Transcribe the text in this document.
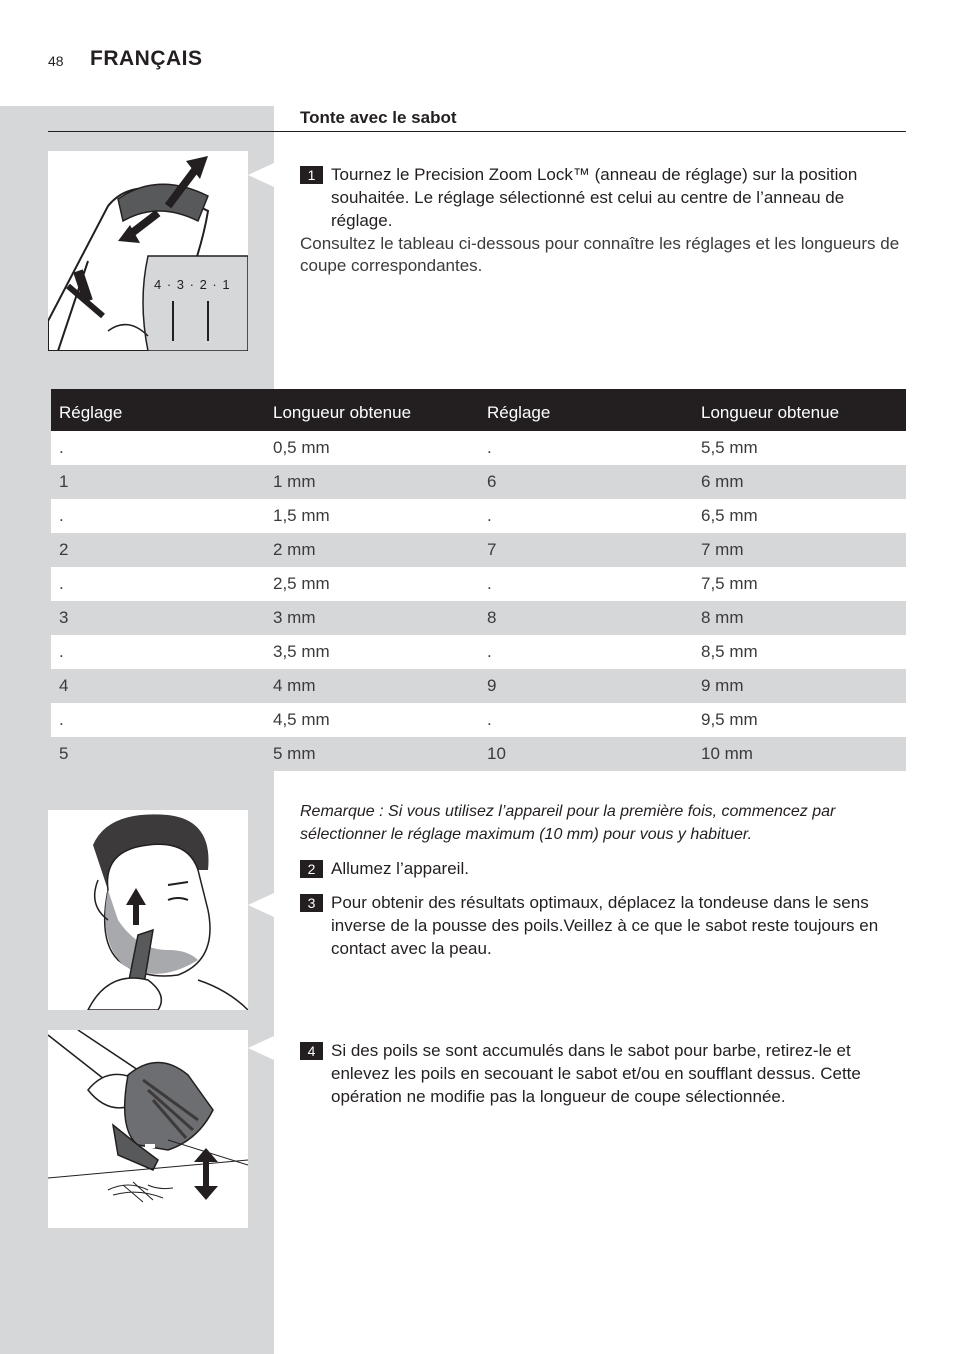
48 FRANÇAIS
Tonte avec le sabot
4 · 3 · 2 · 1
1 Tournez le Precision Zoom Lock™ (anneau de réglage) sur la position souhaitée. Le réglage sélectionné est celui au centre de l’anneau de réglage.
Consultez le tableau ci-dessous pour connaître les réglages et les longueurs de coupe correspondantes.
Réglage	Longueur obtenue	Réglage	Longueur obtenue
.	0,5 mm	.	5,5 mm
1	1 mm	6	6 mm
.	1,5 mm	.	6,5 mm
2	2 mm	7	7 mm
.	2,5 mm	.	7,5 mm
3	3 mm	8	8 mm
.	3,5 mm	.	8,5 mm
4	4 mm	9	9 mm
.	4,5 mm	.	9,5 mm
5	5 mm	10	10 mm
Remarque : Si vous utilisez l’appareil pour la première fois, commencez par sélectionner le réglage maximum (10 mm) pour vous y habituer.
2 Allumez l’appareil.
3 Pour obtenir des résultats optimaux, déplacez la tondeuse dans le sens inverse de la pousse des poils.Veillez à ce que le sabot reste toujours en contact avec la peau.
4 Si des poils se sont accumulés dans le sabot pour barbe, retirez-le et enlevez les poils en secouant le sabot et/ou en soufflant dessus. Cette opération ne modifie pas la longueur de coupe sélectionnée.
